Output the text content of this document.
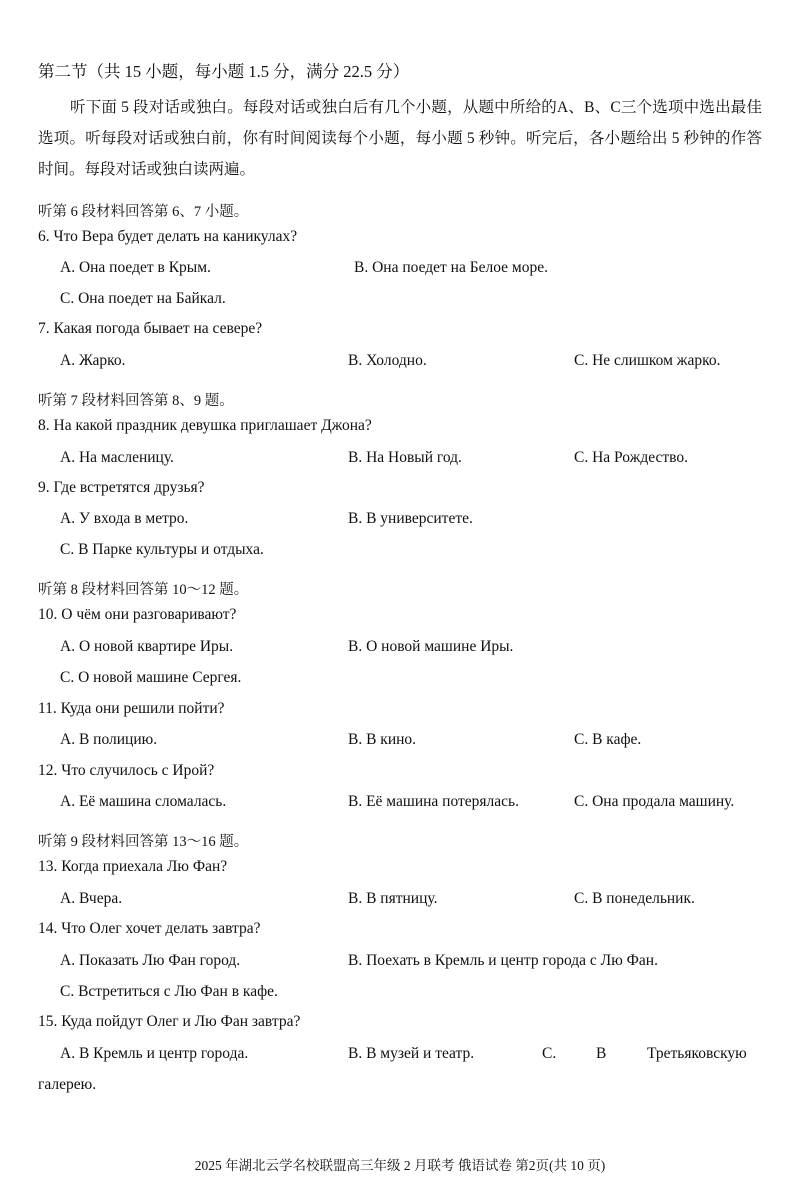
第二节（共 15 小题，每小题 1.5 分，满分 22.5 分）
听下面 5 段对话或独白。每段对话或独白后有几个小题，从题中所给的A、B、C三个选项中选出最佳选项。听每段对话或独白前，你有时间阅读每个小题，每小题 5 秒钟。听完后，各小题给出 5 秒钟的作答时间。每段对话或独白读两遍。
听第 6 段材料回答第 6、7 小题。
6. Что Вера будет делать на каникулах?
A. Она поедет в Крым.	B. Она поедет на Белое море.
C. Она поедет на Байкал.
7. Какая погода бывает на севере?
A. Жарко.	B. Холодно.	C. Не слишком жарко.
听第 7 段材料回答第 8、9 题。
8. На какой праздник девушка приглашает Джона?
A. На масленицу.	B. На Новый год.	C. На Рождество.
9. Где встретятся друзья?
A. У входа в метро.	B. В университете.
C. В Парке культуры и отдыха.
听第 8 段材料回答第 10～12 题。
10. О чём они разговаривают?
A. О новой квартире Иры.	B. О новой машине Иры.
C. О новой машине Сергея.
11. Куда они решили пойти?
A. В полицию.	B. В кино.	C. В кафе.
12. Что случилось с Ирой?
A. Её машина сломалась.	B. Её машина потерялась.	C. Она продала машину.
听第 9 段材料回答第 13～16 题。
13. Когда приехала Лю Фан?
A. Вчера.	B. В пятницу.	C. В понедельник.
14. Что Олег хочет делать завтра?
A. Показать Лю Фан город.	B. Поехать в Кремль и центр города с Лю Фан.
C. Встретиться с Лю Фан в кафе.
15. Куда пойдут Олег и Лю Фан завтра?
A. В Кремль и центр города.	B. В музей и театр.	C.	В	Третьяковскую
галерею.
2025 年湖北云学名校联盟高三年级 2 月联考 俄语试卷 第2页(共 10 页)
